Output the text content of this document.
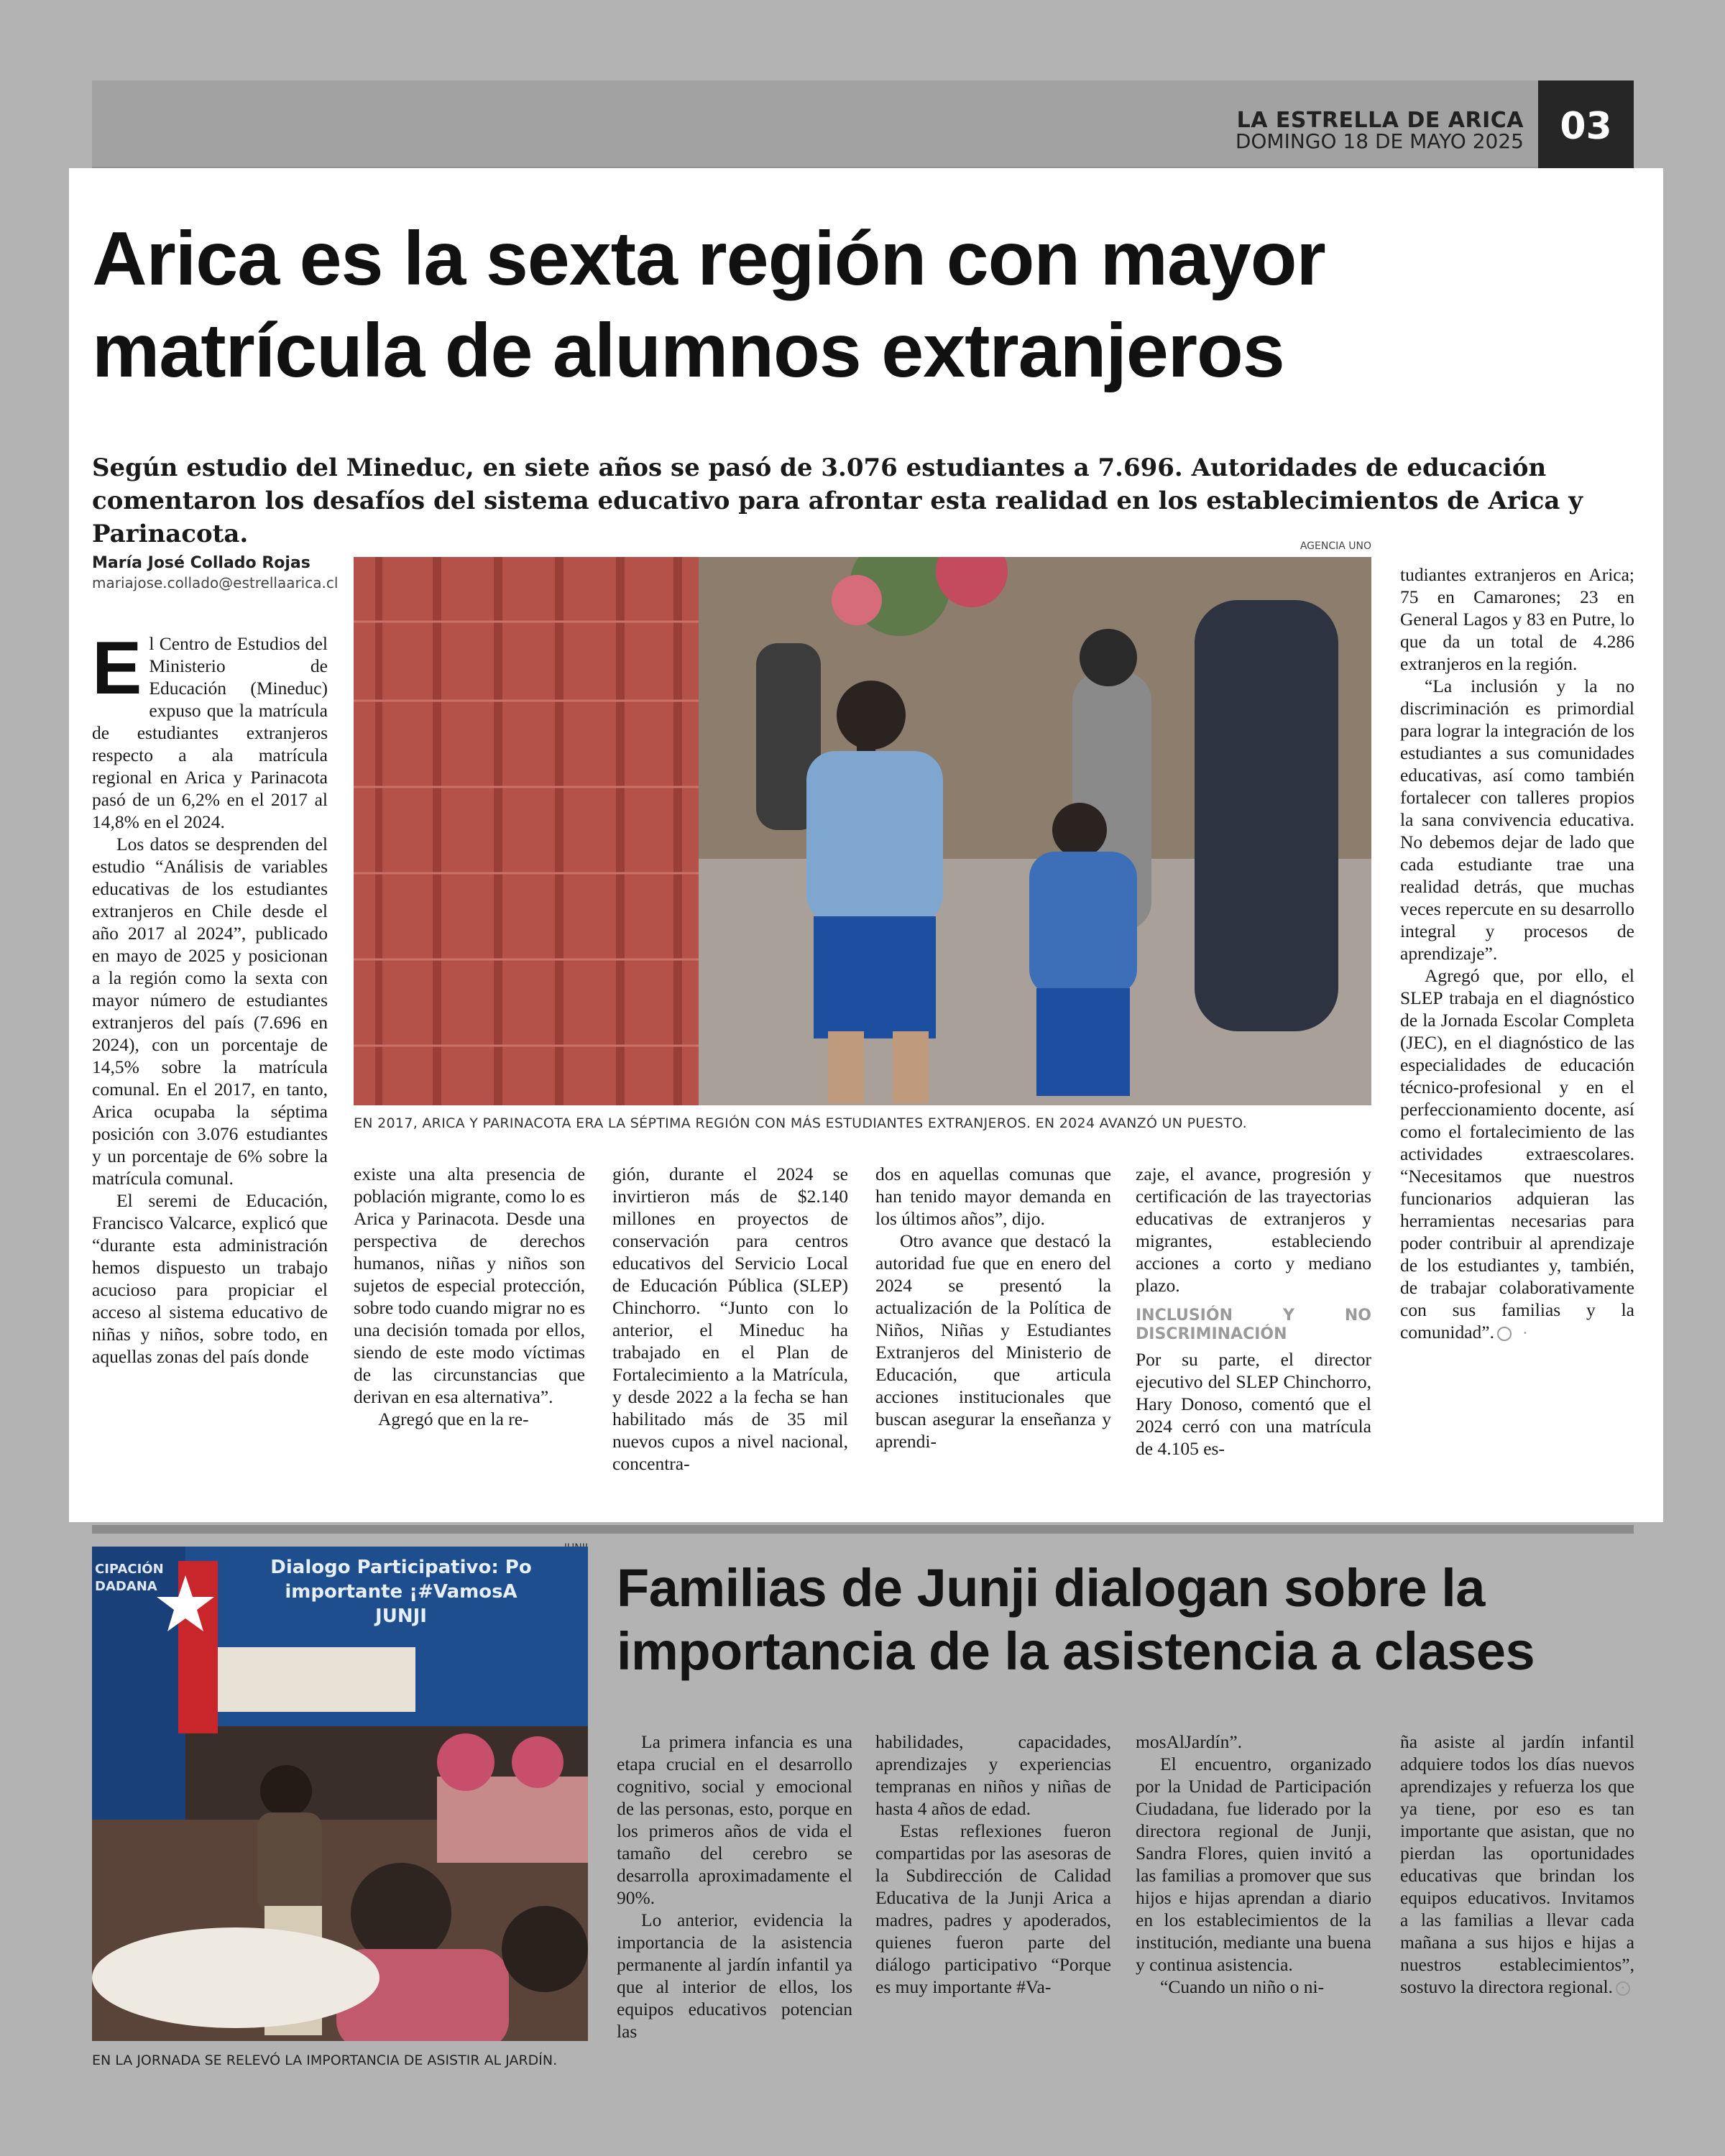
LA ESTRELLA DE ARICA
DOMINGO 18 DE MAYO 2025 03
Arica es la sexta región con mayor matrícula de alumnos extranjeros

Según estudio del Mineduc, en siete años se pasó de 3.076 estudiantes a 7.696. Autoridades de educación comentaron los desafíos del sistema educativo para afrontar esta realidad en los establecimientos de Arica y Parinacota.

María José Collado Rojas
mariajose.collado@estrellaarica.cl
AGENCIA UNO
EN 2017, ARICA Y PARINACOTA ERA LA SÉPTIMA REGIÓN CON MÁS ESTUDIANTES EXTRANJEROS. EN 2024 AVANZÓ UN PUESTO.

El Centro de Estudios del Ministerio de Educación (Mineduc) expuso que la matrícula de estudiantes extranjeros respecto a ala matrícula regional en Arica y Parinacota pasó de un 6,2% en el 2017 al 14,8% en el 2024.

Los datos se desprenden del estudio “Análisis de variables educativas de los estudiantes extranjeros en Chile desde el año 2017 al 2024”, publicado en mayo de 2025 y posicionan a la región como la sexta con mayor número de estudiantes extranjeros del país (7.696 en 2024), con un porcentaje de 14,5% sobre la matrícula comunal. En el 2017, en tanto, Arica ocupaba la séptima posición con 3.076 estudiantes y un porcentaje de 6% sobre la matrícula comunal.

El seremi de Educación, Francisco Valcarce, explicó que “durante esta administración hemos dispuesto un trabajo acucioso para propiciar el acceso al sistema educativo de niñas y niños, sobre todo, en aquellas zonas del país donde

existe una alta presencia de población migrante, como lo es Arica y Parinacota. Desde una perspectiva de derechos humanos, niñas y niños son sujetos de especial protección, sobre todo cuando migrar no es una decisión tomada por ellos, siendo de este modo víctimas de las circunstancias que derivan en esa alternativa”.

Agregó que en la re-

gión, durante el 2024 se invirtieron más de $2.140 millones en proyectos de conservación para centros educativos del Servicio Local de Educación Pública (SLEP) Chinchorro. “Junto con lo anterior, el Mineduc ha trabajado en el Plan de Fortalecimiento a la Matrícula, y desde 2022 a la fecha se han habilitado más de 35 mil nuevos cupos a nivel nacional, concentra-

dos en aquellas comunas que han tenido mayor demanda en los últimos años”, dijo.

Otro avance que destacó la autoridad fue que en enero del 2024 se presentó la actualización de la Política de Niños, Niñas y Estudiantes Extranjeros del Ministerio de Educación, que articula acciones institucionales que buscan asegurar la enseñanza y aprendi-

zaje, el avance, progresión y certificación de las trayectorias educativas de extranjeros y migrantes, estableciendo acciones a corto y mediano plazo.

INCLUSIÓN Y NO DISCRIMINACIÓN

Por su parte, el director ejecutivo del SLEP Chinchorro, Hary Donoso, comentó que el 2024 cerró con una matrícula de 4.105 es-

tudiantes extranjeros en Arica; 75 en Camarones; 23 en General Lagos y 83 en Putre, lo que da un total de 4.286 extranjeros en la región.

“La inclusión y la no discriminación es primordial para lograr la integración de los estudiantes a sus comunidades educativas, así como también fortalecer con talleres propios la sana convivencia educativa. No debemos dejar de lado que cada estudiante trae una realidad detrás, que muchas veces repercute en su desarrollo integral y procesos de aprendizaje”.

Agregó que, por ello, el SLEP trabaja en el diagnóstico de la Jornada Escolar Completa (JEC), en el diagnóstico de las especialidades de educación técnico-profesional y en el perfeccionamiento docente, así como el fortalecimiento de las actividades extraescolares. “Necesitamos que nuestros funcionarios adquieran las herramientas necesarias para poder contribuir al aprendizaje de los estudiantes y, también, de trabajar colaborativamente con sus familias y la comunidad”.	•

Dialogo Participativo: Po
importante ¡#VamosA
JUNJI
CIPACIÓN DADANA
EN LA JORNADA SE RELEVÓ LA IMPORTANCIA DE ASISTIR AL JARDÍN.
Familias de Junji dialogan sobre la importancia de la asistencia a clases

La primera infancia es una etapa crucial en el desarrollo cognitivo, social y emocional de las personas, esto, porque en los primeros años de vida el tamaño del cerebro se desarrolla aproximadamente el 90%.

Lo anterior, evidencia la importancia de la asistencia permanente al jardín infantil ya que al interior de ellos, los equipos educativos potencian las

habilidades, capacidades, aprendizajes y experiencias tempranas en niños y niñas de hasta 4 años de edad.

Estas reflexiones fueron compartidas por las asesoras de la Subdirección de Calidad Educativa de la Junji Arica a madres, padres y apoderados, quienes fueron parte del diálogo participativo “Porque es muy importante #Va-

mosAlJardín”.

El encuentro, organizado por la Unidad de Participación Ciudadana, fue liderado por la directora regional de Junji, Sandra Flores, quien invitó a las familias a promover que sus hijos e hijas aprendan a diario en los establecimientos de la institución, mediante una buena y continua asistencia.

“Cuando un niño o ni-

ña asiste al jardín infantil adquiere todos los días nuevos aprendizajes y refuerza los que ya tiene, por eso es tan importante que asistan, que no pierdan las oportunidades educativas que brindan los equipos educativos. Invitamos a las familias a llevar cada mañana a sus hijos e hijas a nuestros establecimientos”, sostuvo la directora regional. •
